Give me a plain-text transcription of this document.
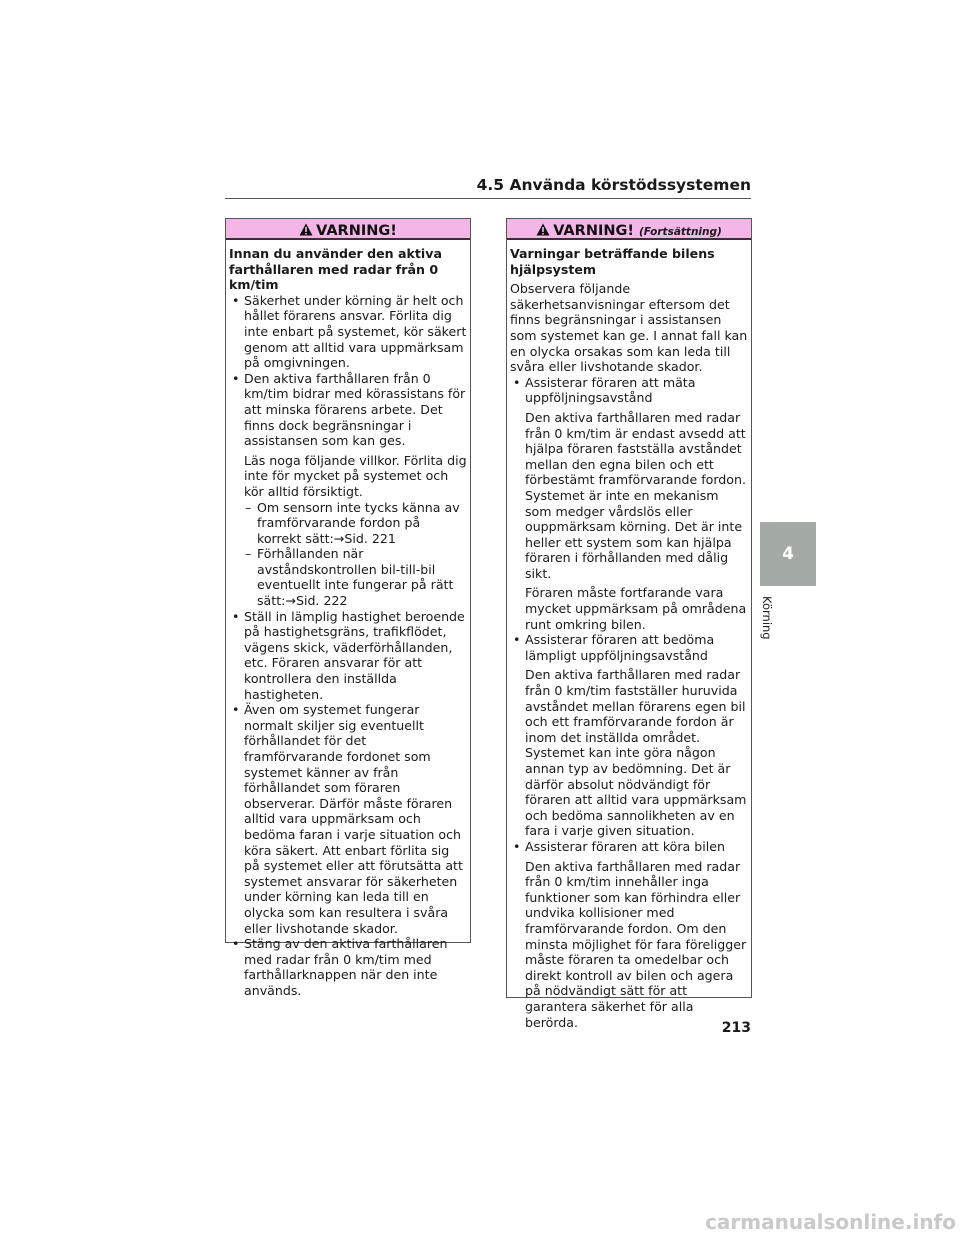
4.5 Använda körstödssystemen
VARNING!

Innan du använder den aktiva farthållaren med radar från 0 km/tim

• Säkerhet under körning är helt och hållet förarens ansvar. Förlita dig inte enbart på systemet, kör säkert genom att alltid vara uppmärksam på omgivningen.

• Den aktiva farthållaren från 0 km/tim bidrar med körassistans för att minska förarens arbete. Det finns dock begränsningar i assistansen som kan ges.

Läs noga följande villkor. Förlita dig inte för mycket på systemet och kör alltid försiktigt.

– Om sensorn inte tycks känna av framförvarande fordon på korrekt sätt:→Sid. 221

– Förhållanden när avståndskontrollen bil-till-bil eventuellt inte fungerar på rätt sätt:→Sid. 222

• Ställ in lämplig hastighet beroende på hastighetsgräns, trafikflödet, vägens skick, väderförhållanden, etc. Föraren ansvarar för att kontrollera den inställda hastigheten.

• Även om systemet fungerar normalt skiljer sig eventuellt förhållandet för det framförvarande fordonet som systemet känner av från förhållandet som föraren observerar. Därför måste föraren alltid vara uppmärksam och bedöma faran i varje situation och köra säkert. Att enbart förlita sig på systemet eller att förutsätta att systemet ansvarar för säkerheten under körning kan leda till en olycka som kan resultera i svåra eller livshotande skador.

• Stäng av den aktiva farthållaren med radar från 0 km/tim med farthållarknappen när den inte används.

VARNING! (Fortsättning)

Varningar beträffande bilens hjälpsystem

Observera följande säkerhetsanvisningar eftersom det finns begränsningar i assistansen som systemet kan ge. I annat fall kan en olycka orsakas som kan leda till svåra eller livshotande skador.

• Assisterar föraren att mäta uppföljningsavstånd

Den aktiva farthållaren med radar från 0 km/tim är endast avsedd att hjälpa föraren fastställa avståndet mellan den egna bilen och ett förbestämt framförvarande fordon. Systemet är inte en mekanism som medger vårdslös eller ouppmärksam körning. Det är inte heller ett system som kan hjälpa föraren i förhållanden med dålig sikt.

Föraren måste fortfarande vara mycket uppmärksam på områdena runt omkring bilen.

• Assisterar föraren att bedöma lämpligt uppföljningsavstånd

Den aktiva farthållaren med radar från 0 km/tim fastställer huruvida avståndet mellan förarens egen bil och ett framförvarande fordon är inom det inställda området. Systemet kan inte göra någon annan typ av bedömning. Det är därför absolut nödvändigt för föraren att alltid vara uppmärksam och bedöma sannolikheten av en fara i varje given situation.

• Assisterar föraren att köra bilen

Den aktiva farthållaren med radar från 0 km/tim innehåller inga funktioner som kan förhindra eller undvika kollisioner med framförvarande fordon. Om den minsta möjlighet för fara föreligger måste föraren ta omedelbar och direkt kontroll av bilen och agera på nödvändigt sätt för att garantera säkerhet för alla berörda.

4
Körning
213
carmanualsonline.info
